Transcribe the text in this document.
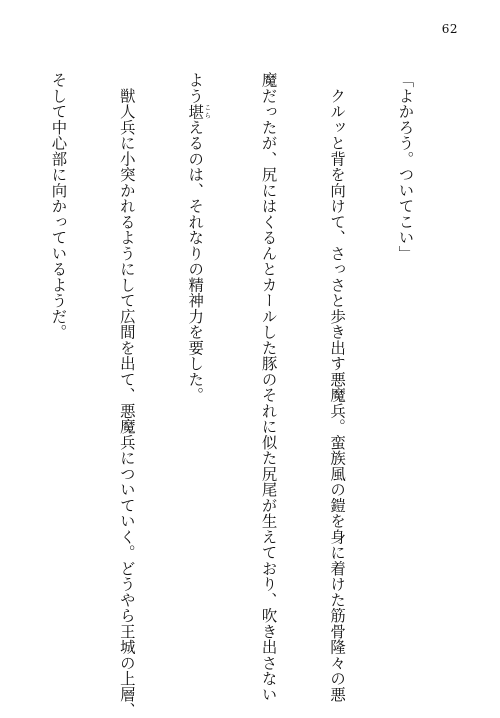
62

「よかろう。ついてこい」

　クルッと背を向けて、さっさと歩き出す悪魔兵。蛮族風の鎧を身に着けた筋骨隆々の悪

魔だったが、尻にはくるんとカールした豚のそれに似た尻尾が生えており、吹き出さない

よう堪 こらえるのは、それなりの精神力を要した。

　獣人兵に小突かれるようにして広間を出て、悪魔兵についていく。どうやら王城の上層、

そして中心部に向かっているようだ。
